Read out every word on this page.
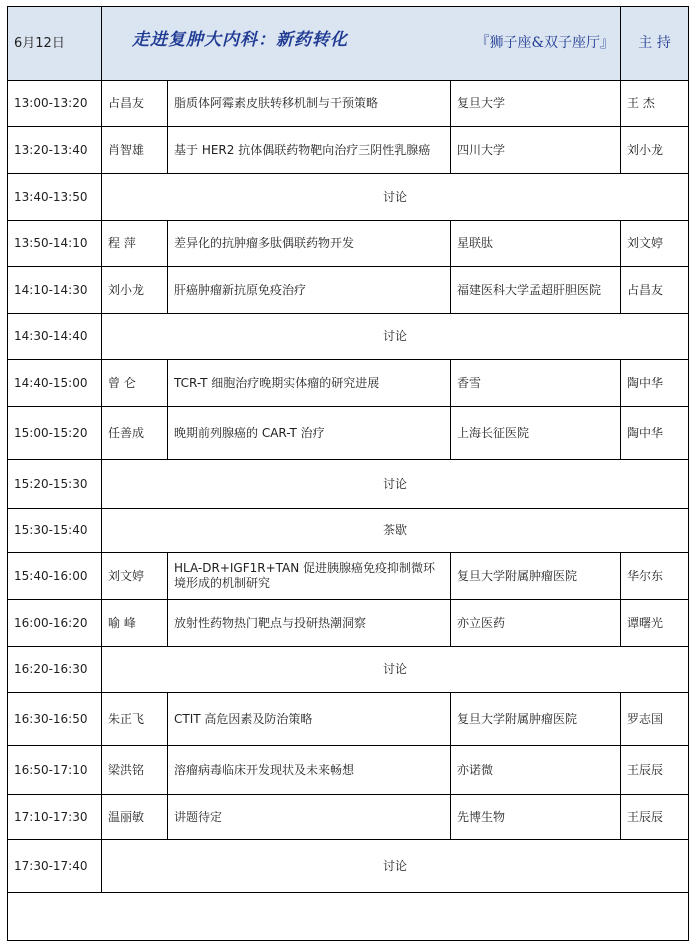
6月12日	走进复肿大内科：新药转化 『狮子座&双子座厅』			主 持
13:00-13:20	占昌友	脂质体阿霉素皮肤转移机制与干预策略	复旦大学	王 杰
13:20-13:40	肖智雄	基于 HER2 抗体偶联药物靶向治疗三阴性乳腺癌	四川大学	刘小龙
13:40-13:50	讨论			
13:50-14:10	程 萍	差异化的抗肿瘤多肽偶联药物开发	星联肽	刘文婷
14:10-14:30	刘小龙	肝癌肿瘤新抗原免疫治疗	福建医科大学孟超肝胆医院	占昌友
14:30-14:40	讨论			
14:40-15:00	曾 仑	TCR-T 细胞治疗晚期实体瘤的研究进展	香雪	陶中华
15:00-15:20	任善成	晚期前列腺癌的 CAR-T 治疗	上海长征医院	陶中华
15:20-15:30	讨论			
15:30-15:40	茶歇			
15:40-16:00	刘文婷	HLA-DR+IGF1R+TAN 促进胰腺癌免疫抑制微环境形成的机制研究	复旦大学附属肿瘤医院	华尔东
16:00-16:20	喻 峰	放射性药物热门靶点与投研热潮洞察	亦立医药	谭曙光
16:20-16:30	讨论			
16:30-16:50	朱正飞	CTIT 高危因素及防治策略	复旦大学附属肿瘤医院	罗志国
16:50-17:10	梁洪铭	溶瘤病毒临床开发现状及未来畅想	亦诺微	王辰辰
17:10-17:30	温丽敏	讲题待定	先博生物	王辰辰
17:30-17:40	讨论			
